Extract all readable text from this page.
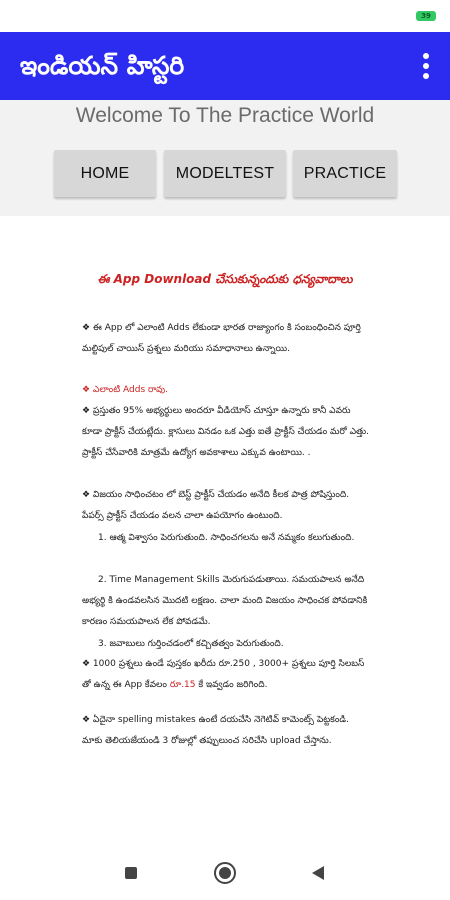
39
ఇండియన్ హిస్టరి
Welcome To The Practice World
HOME	MODELTEST	PRACTICE
ఈ App Download చేసుకున్నందుకు ధన్యవాదాలు
❖ ఈ App లో ఎలాంటి Adds లేకుండా భారత రాజ్యాంగం కి సంబంధించిన పూర్తి మల్టిపుల్ చాయిస్ ప్రశ్నలు మరియు సమాధానాలు ఉన్నాయి.
❖ ఎలాంటి Adds రావు.
❖ ప్రస్తుతం 95% అభ్యర్థులు అందరూ వీడియోస్ చూస్తూ ఉన్నారు కానీ ఎవరు కూడా ప్రాక్టీస్ చేయట్లేదు. క్లాసులు వినడం ఒక ఎత్తు ఐతే ప్రాక్టీస్ చేయడం మరో ఎత్తు. ప్రాక్టీస్ చేసేవారికి మాత్రమే ఉద్యోగ అవకాశాలు ఎక్కువ ఉంటాయి. .
❖ విజయం సాధించటం లో బెస్ట్ ప్రాక్టీస్ చేయడం అనేది కీలక పాత్ర పోషిస్తుంది. పేపర్స్ ప్రాక్టీస్ చేయడం వలన చాలా ఉపయోగం ఉంటుంది.
1. ఆత్మ విశ్వాసం పెరుగుతుంది. సాధించగలను అనే నమ్మకం కలుగుతుంది.
2. Time Management Skills మెరుగుపడుతాయి. సమయపాలన అనేది అభ్యర్థి కి ఉండవలసిన మొదటి లక్షణం. చాలా మంది విజయం సాధించక పోవడానికి కారణం సమయపాలన లేక పోవడమే.
3. జవాబులు గుర్తించడంలో కచ్చితత్వం పెరుగుతుంది.
❖ 1000 ప్రశ్నలు ఉండే పుస్తకం ఖరీదు రూ.250 , 3000+ ప్రశ్నలు పూర్తి సిలబస్ తో ఉన్న ఈ App కేవలం రూ.15 కే ఇవ్వడం జరిగింది.
❖ ఏదైనా spelling mistakes ఉంటే దయచేసి నెగెటివ్ కామెంట్స్ పెట్టకండి. మాకు తెలియజేయండి 3 రోజుల్లో తప్పులుంచ సరిచేసి upload చేస్తాను.
